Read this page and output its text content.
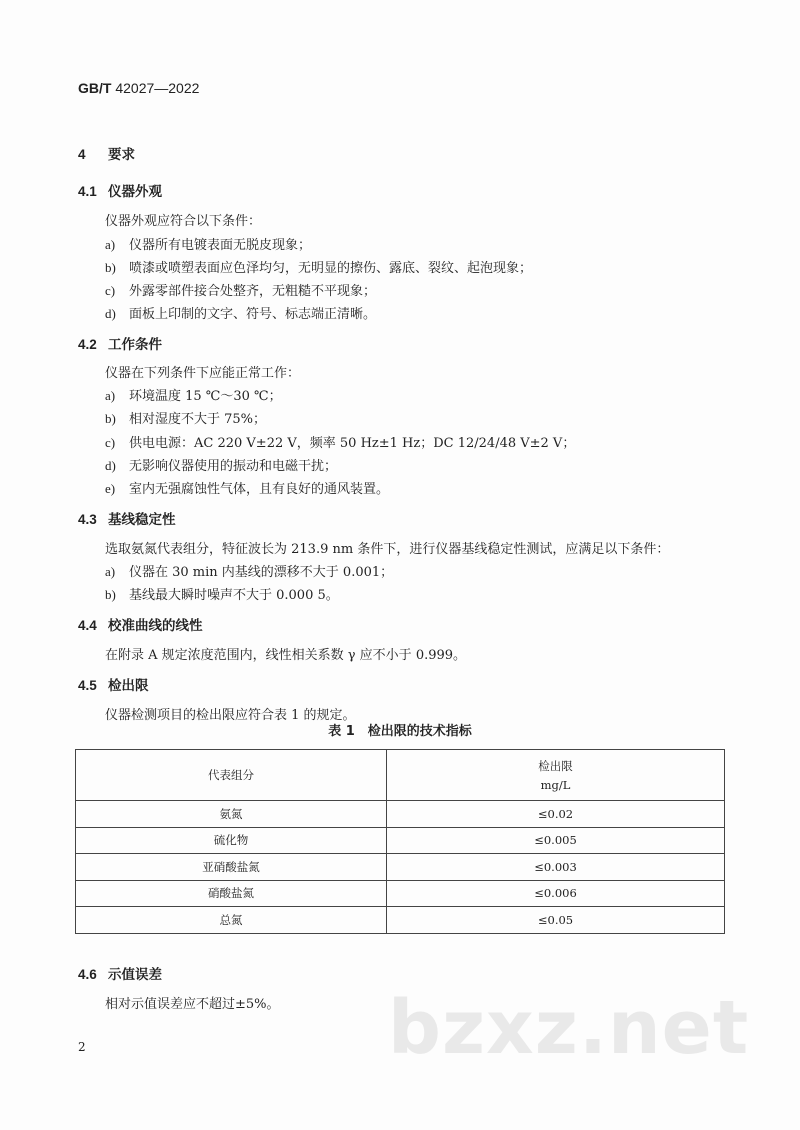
GB/T 42027—2022
4 要求
4.1 仪器外观
仪器外观应符合以下条件：
a) 仪器所有电镀表面无脱皮现象；
b) 喷漆或喷塑表面应色泽均匀，无明显的擦伤、露底、裂纹、起泡现象；
c) 外露零部件接合处整齐，无粗糙不平现象；
d) 面板上印制的文字、符号、标志端正清晰。
4.2 工作条件
仪器在下列条件下应能正常工作：
a) 环境温度 15 ℃～30 ℃；
b) 相对湿度不大于 75%；
c) 供电电源：AC 220 V±22 V，频率 50 Hz±1 Hz；DC 12/24/48 V±2 V；
d) 无影响仪器使用的振动和电磁干扰；
e) 室内无强腐蚀性气体，且有良好的通风装置。
4.3 基线稳定性
选取氨氮代表组分，特征波长为 213.9 nm 条件下，进行仪器基线稳定性测试，应满足以下条件：
a) 仪器在 30 min 内基线的漂移不大于 0.001；
b) 基线最大瞬时噪声不大于 0.000 5。
4.4 校准曲线的线性
在附录 A 规定浓度范围内，线性相关系数 γ 应不小于 0.999。
4.5 检出限
仪器检测项目的检出限应符合表 1 的规定。
表 1　检出限的技术指标
代表组分	检出限
mg/L

氨氮	≤0.02
硫化物	≤0.005
亚硝酸盐氮	≤0.003
硝酸盐氮	≤0.006
总氮	≤0.05
4.6 示值误差
相对示值误差应不超过±5%。 bzxz.net
2
